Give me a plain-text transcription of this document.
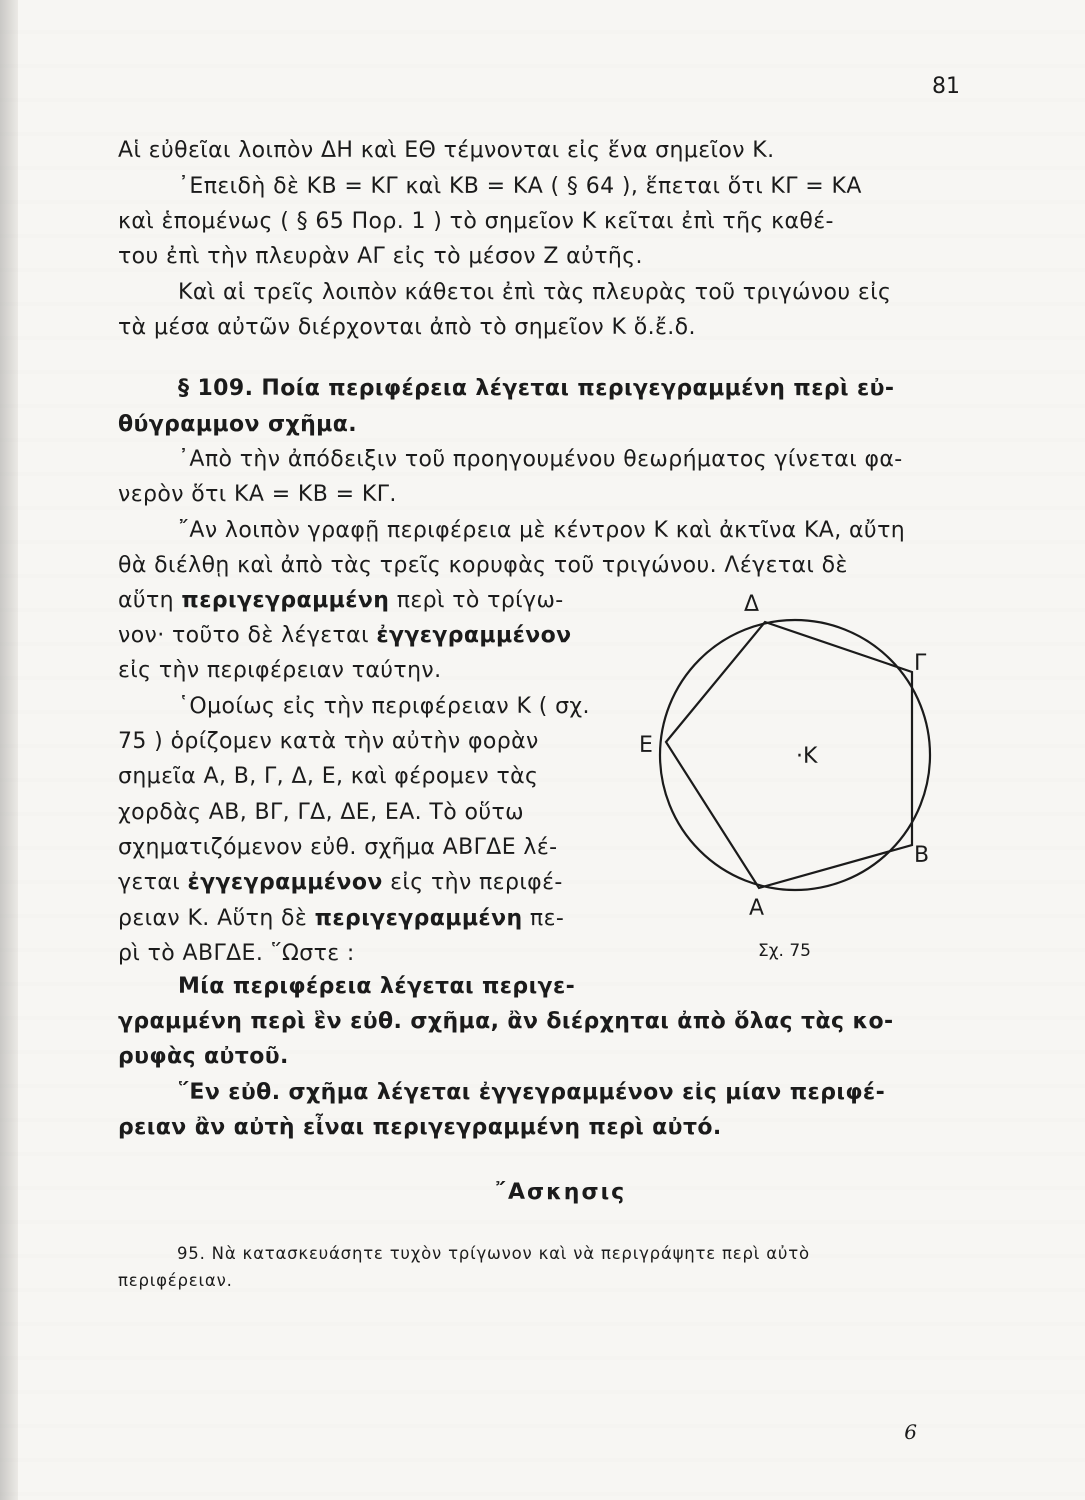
81
Αἱ εὐθεῖαι λοιπὸν ΔΗ καὶ ΕΘ τέμνονται εἰς ἕνα σημεῖον Κ.
᾿Επειδὴ δὲ ΚΒ = ΚΓ καὶ ΚΒ = ΚΑ ( § 64 ), ἕπεται ὅτι ΚΓ = ΚΑ
καὶ ἑπομένως ( § 65 Πορ. 1 ) τὸ σημεῖον Κ κεῖται ἐπὶ τῆς καθέ-
του ἐπὶ τὴν πλευρὰν ΑΓ εἰς τὸ μέσον Ζ αὐτῆς.
Καὶ αἱ τρεῖς λοιπὸν κάθετοι ἐπὶ τὰς πλευρὰς τοῦ τριγώνου εἰς
τὰ μέσα αὐτῶν διέρχονται ἀπὸ τὸ σημεῖον Κ ὅ.ἔ.δ.
§ 109. Ποία περιφέρεια λέγεται περιγεγραμμένη περὶ εὐ-
θύγραμμον σχῆμα.
᾿Απὸ τὴν ἀπόδειξιν τοῦ προηγουμένου θεωρήματος γίνεται φα-
νερὸν ὅτι ΚΑ = ΚΒ = ΚΓ.
῎Αν λοιπὸν γραφῇ περιφέρεια μὲ κέντρον Κ καὶ ἀκτῖνα ΚΑ, αὔτη
θὰ διέλθῃ καὶ ἀπὸ τὰς τρεῖς κορυφὰς τοῦ τριγώνου. Λέγεται δὲ
αὕτη περιγεγραμμένη περὶ τὸ τρίγω-
νον· τοῦτο δὲ λέγεται ἐγγεγραμμένον
εἰς τὴν περιφέρειαν ταύτην.
῾Ομοίως εἰς τὴν περιφέρειαν Κ ( σχ.
75 ) ὁρίζομεν κατὰ τὴν αὐτὴν φορὰν
σημεῖα Α, Β, Γ, Δ, Ε, καὶ φέρομεν τὰς
χορδὰς ΑΒ, ΒΓ, ΓΔ, ΔΕ, ΕΑ. Τὸ οὕτω
σχηματιζόμενον εὐθ. σχῆμα ΑΒΓΔΕ λέ-
γεται ἐγγεγραμμένον εἰς τὴν περιφέ-
ρειαν Κ. Αὕτη δὲ περιγεγραμμένη πε-
ρὶ τὸ ΑΒΓΔΕ. ῞Ωστε :
Δ
Γ
Ε	·Κ
Β
Α
Σχ. 75
Μία περιφέρεια λέγεται περιγε-
γραμμένη περὶ ἓν εὐθ. σχῆμα, ἂν διέρχηται ἀπὸ ὅλας τὰς κο-
ρυφὰς αὐτοῦ.
῞Εν εὐθ. σχῆμα λέγεται ἐγγεγραμμένον εἰς μίαν περιφέ-
ρειαν ἂν αὐτὴ εἶναι περιγεγραμμένη περὶ αὐτό.
῎Ασκησις
95. Νὰ κατασκευάσητε τυχὸν τρίγωνον καὶ νὰ περιγράψητε περὶ αὐτὸ
περιφέρειαν.
6
